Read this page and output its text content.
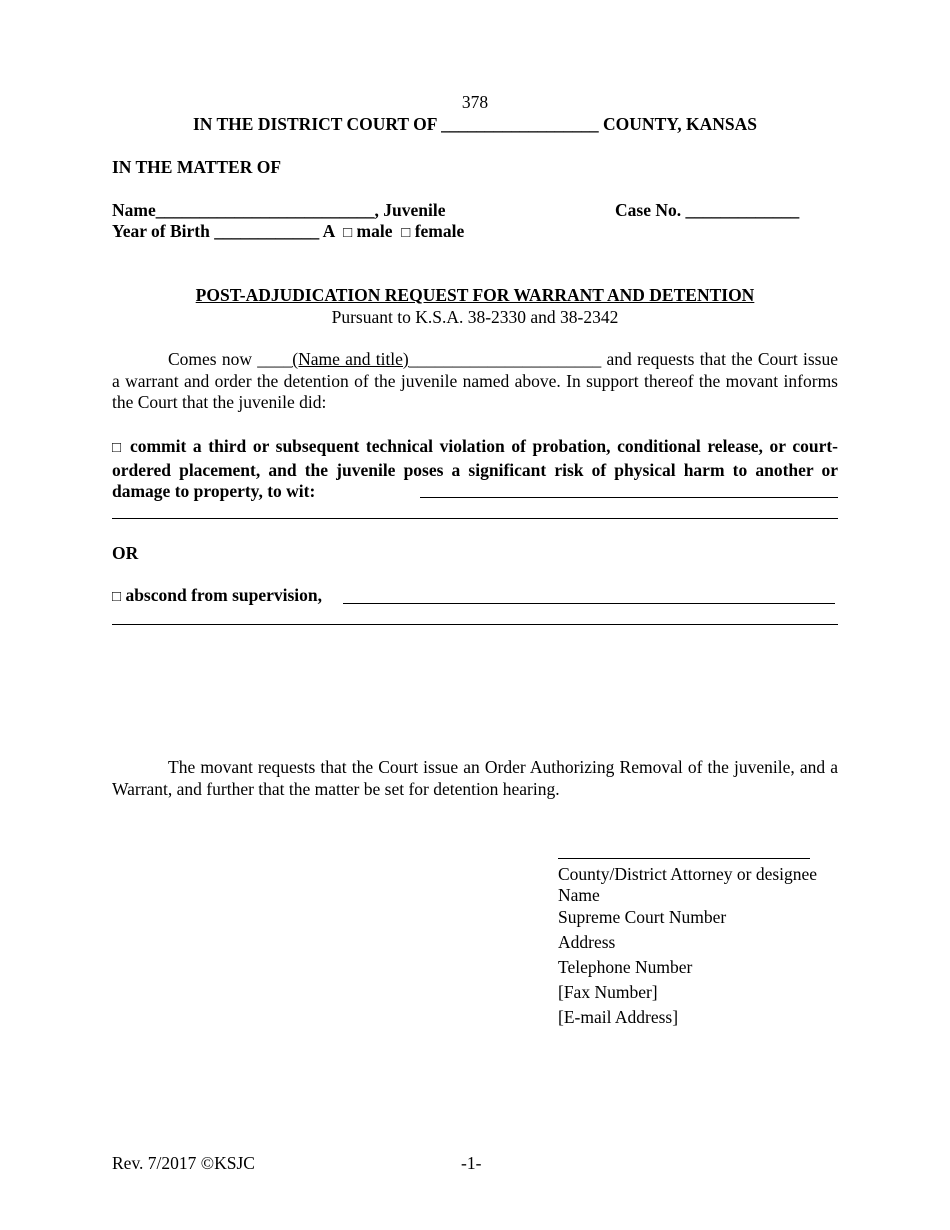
378
IN THE DISTRICT COURT OF __________________ COUNTY, KANSAS
IN THE MATTER OF
Name_________________________, Juvenile	Case No. _____________
Year of Birth ____________ A □ male □ female
POST-ADJUDICATION REQUEST FOR WARRANT AND DETENTION
Pursuant to K.S.A. 38-2330 and 38-2342
Comes now ____(Name and title)______________________ and requests that the Court issue a warrant and order the detention of the juvenile named above. In support thereof the movant informs the Court that the juvenile did:
□ commit a third or subsequent technical violation of probation, conditional release, or court-ordered placement, and the juvenile poses a significant risk of physical harm to another or damage to property, to wit:
OR
□ abscond from supervision,
The movant requests that the Court issue an Order Authorizing Removal of the juvenile, and a Warrant, and further that the matter be set for detention hearing.
County/District Attorney or designee
Name
Supreme Court Number
Address
Telephone Number
[Fax Number]
[E-mail Address]
Rev. 7/2017 ©KSJC	-1-
